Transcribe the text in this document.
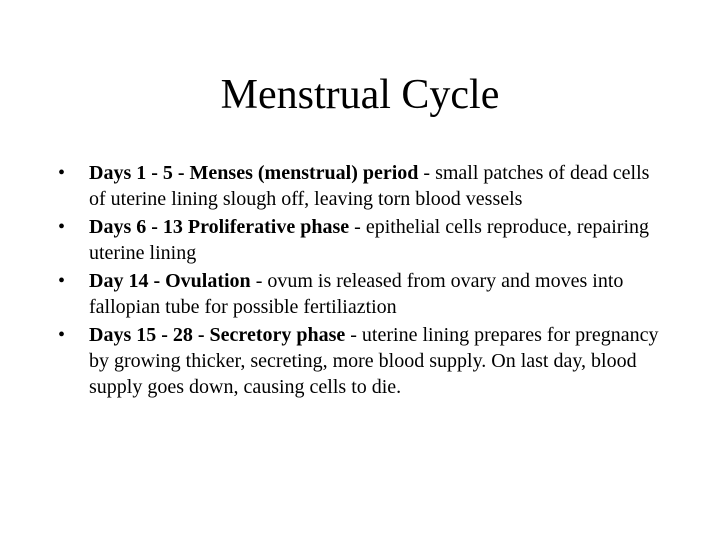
Menstrual Cycle
• Days 1 - 5 - Menses (menstrual) period - small patches of dead cells of uterine lining slough off, leaving torn blood vessels
• Days 6 - 13 Proliferative phase - epithelial cells reproduce, repairing uterine lining
• Day 14 - Ovulation - ovum is released from ovary and moves into fallopian tube for possible fertiliaztion
• Days 15 - 28 - Secretory phase - uterine lining prepares for pregnancy by growing thicker, secreting, more blood supply. On last day, blood supply goes down, causing cells to die.
